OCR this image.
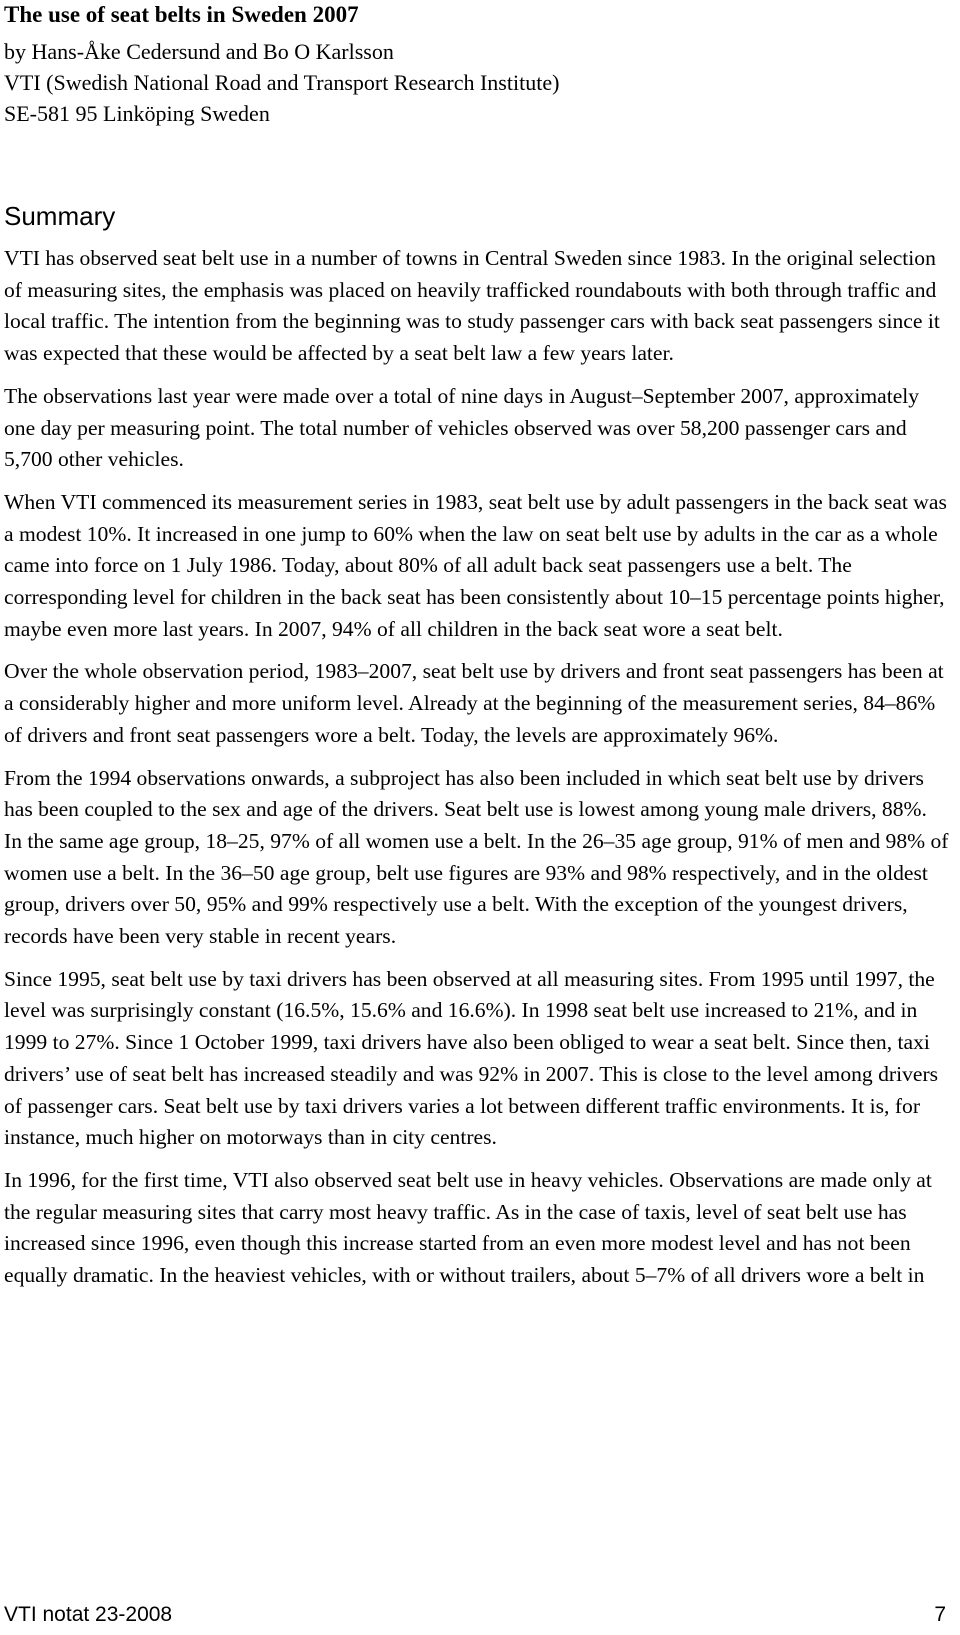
The use of seat belts in Sweden 2007
by Hans-Åke Cedersund and Bo O Karlsson
VTI (Swedish National Road and Transport Research Institute)
SE-581 95 Linköping Sweden
Summary

VTI has observed seat belt use in a number of towns in Central Sweden since 1983. In the original selection of measuring sites, the emphasis was placed on heavily trafficked roundabouts with both through traffic and local traffic. The intention from the beginning was to study passenger cars with back seat passengers since it was expected that these would be affected by a seat belt law a few years later.

The observations last year were made over a total of nine days in August–September 2007, approximately one day per measuring point. The total number of vehicles observed was over 58,200 passenger cars and 5,700 other vehicles.

When VTI commenced its measurement series in 1983, seat belt use by adult passengers in the back seat was a modest 10%. It increased in one jump to 60% when the law on seat belt use by adults in the car as a whole came into force on 1 July 1986. Today, about 80% of all adult back seat passengers use a belt. The corresponding level for children in the back seat has been consistently about 10–15 percentage points higher, maybe even more last years. In 2007, 94% of all children in the back seat wore a seat belt.

Over the whole observation period, 1983–2007, seat belt use by drivers and front seat passengers has been at a considerably higher and more uniform level. Already at the beginning of the measurement series, 84–86% of drivers and front seat passengers wore a belt. Today, the levels are approximately 96%.

From the 1994 observations onwards, a subproject has also been included in which seat belt use by drivers has been coupled to the sex and age of the drivers. Seat belt use is lowest among young male drivers, 88%. In the same age group, 18–25, 97% of all women use a belt. In the 26–35 age group, 91% of men and 98% of women use a belt. In the 36–50 age group, belt use figures are 93% and 98% respectively, and in the oldest group, drivers over 50, 95% and 99% respectively use a belt. With the exception of the youngest drivers, records have been very stable in recent years.

Since 1995, seat belt use by taxi drivers has been observed at all measuring sites. From 1995 until 1997, the level was surprisingly constant (16.5%, 15.6% and 16.6%). In 1998 seat belt use increased to 21%, and in 1999 to 27%. Since 1 October 1999, taxi drivers have also been obliged to wear a seat belt. Since then, taxi drivers’ use of seat belt has increased steadily and was 92% in 2007. This is close to the level among drivers of passenger cars. Seat belt use by taxi drivers varies a lot between different traffic environments. It is, for instance, much higher on motorways than in city centres.

In 1996, for the first time, VTI also observed seat belt use in heavy vehicles. Observations are made only at the regular measuring sites that carry most heavy traffic. As in the case of taxis, level of seat belt use has increased since 1996, even though this increase started from an even more modest level and has not been equally dramatic. In the heaviest vehicles, with or without trailers, about 5–7% of all drivers wore a belt in

VTI notat 23-2008	7
